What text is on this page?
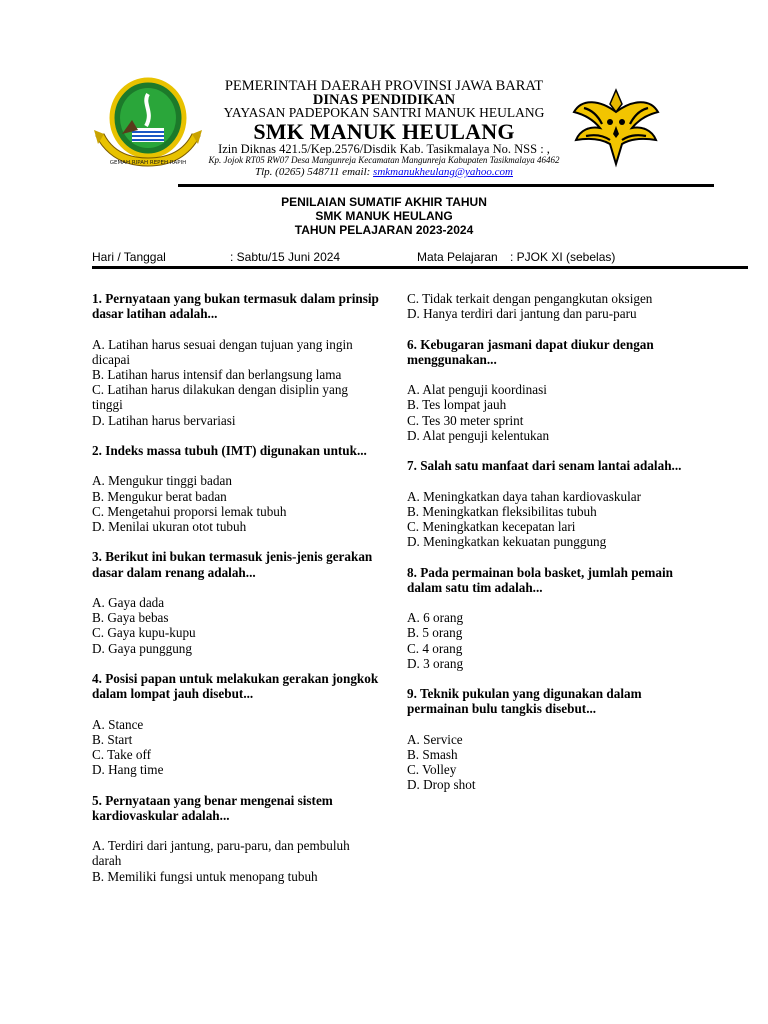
GEMAH RIPAH REPEH RAPIH
PEMERINTAH DAERAH PROVINSI JAWA BARAT
DINAS PENDIDIKAN
YAYASAN PADEPOKAN SANTRI MANUK HEULANG
SMK MANUK HEULANG
Izin Diknas 421.5/Kep.2576/Disdik Kab. Tasikmalaya No. NSS : ,
Kp. Jojok RT05 RW07 Desa Mangunreja Kecamatan Mangunreja Kabupaten Tasikmalaya 46462
Tlp. (0265) 548711 email: smkmanukheulang@yahoo.com
PENILAIAN SUMATIF AKHIR TAHUN
SMK MANUK HEULANG
TAHUN PELAJARAN 2023-2024
Hari / Tanggal	: Sabtu/15 Juni 2024	Mata Pelajaran : PJOK XI (sebelas)
1. Pernyataan yang bukan termasuk dalam prinsip dasar latihan adalah...
A. Latihan harus sesuai dengan tujuan yang ingin dicapai
B. Latihan harus intensif dan berlangsung lama
C. Latihan harus dilakukan dengan disiplin yang tinggi
D. Latihan harus bervariasi
2. Indeks massa tubuh (IMT) digunakan untuk...
A. Mengukur tinggi badan
B. Mengukur berat badan
C. Mengetahui proporsi lemak tubuh
D. Menilai ukuran otot tubuh
3. Berikut ini bukan termasuk jenis-jenis gerakan dasar dalam renang adalah...
A. Gaya dada
B. Gaya bebas
C. Gaya kupu-kupu
D. Gaya punggung
4. Posisi papan untuk melakukan gerakan jongkok dalam lompat jauh disebut...
A. Stance
B. Start
C. Take off
D. Hang time
5. Pernyataan yang benar mengenai sistem kardiovaskular adalah...
A. Terdiri dari jantung, paru-paru, dan pembuluh darah
B. Memiliki fungsi untuk menopang tubuh
C. Tidak terkait dengan pengangkutan oksigen
D. Hanya terdiri dari jantung dan paru-paru
6. Kebugaran jasmani dapat diukur dengan menggunakan...
A. Alat penguji koordinasi
B. Tes lompat jauh
C. Tes 30 meter sprint
D. Alat penguji kelentukan
7. Salah satu manfaat dari senam lantai adalah...
A. Meningkatkan daya tahan kardiovaskular
B. Meningkatkan fleksibilitas tubuh
C. Meningkatkan kecepatan lari
D. Meningkatkan kekuatan punggung
8. Pada permainan bola basket, jumlah pemain dalam satu tim adalah...
A. 6 orang
B. 5 orang
C. 4 orang
D. 3 orang
9. Teknik pukulan yang digunakan dalam permainan bulu tangkis disebut...
A. Service
B. Smash
C. Volley
D. Drop shot
